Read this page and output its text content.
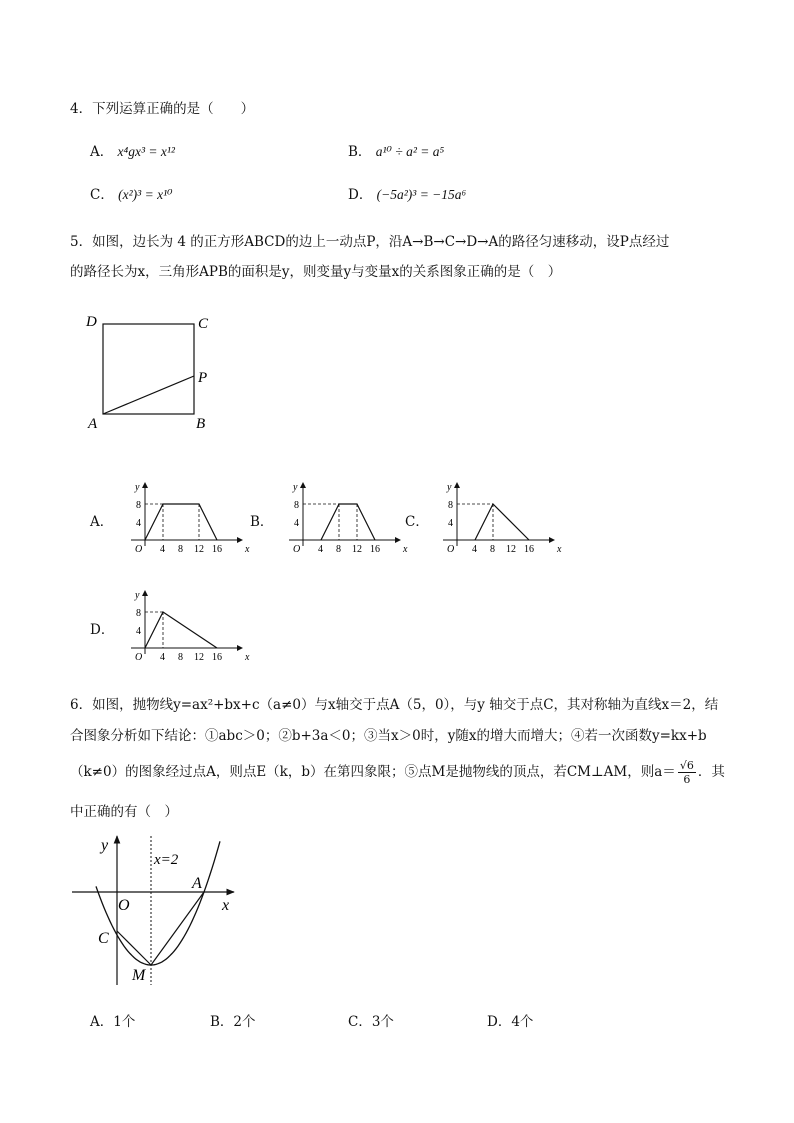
4．下列运算正确的是（　　）
A． x⁴gx³ = x¹²	B． a¹⁰ ÷ a² = a⁵
C． (x²)³ = x¹⁰	D． (−5a²)³ = −15a⁶
5．如图，边长为 4 的正方形ABCD的边上一动点P，沿A→B→C→D→A的路径匀速移动，设P点经过
的路径长为x，三角形APB的面积是y，则变量y与变量x的关系图象正确的是（　）
D	C
P
A	B
A．	B．	C．
D．
y
x
O 4 8 12 16
8
4
y
x
O 4 8 12 16
8
4
y
x
O 4 8 12 16
8
4
y
x
O 4 8 12 16
8
4
6．如图，抛物线y=ax²+bx+c（a≠0）与x轴交于点A（5，0），与y 轴交于点C，其对称轴为直线x＝2，结
合图象分析如下结论：①abc＞0；②b+3a＜0；③当x＞0时，y随x的增大而增大；④若一次函数y=kx+b
（k≠0）的图象经过点A，则点E（k，b）在第四象限；⑤点M是抛物线的顶点，若CM⊥AM，则$a= \frac{√6}{6}$ ．其
中正确的有（　）
y
x
x=2
O
A
C
M
A．1个	B．2个	C．3个	D．4个
